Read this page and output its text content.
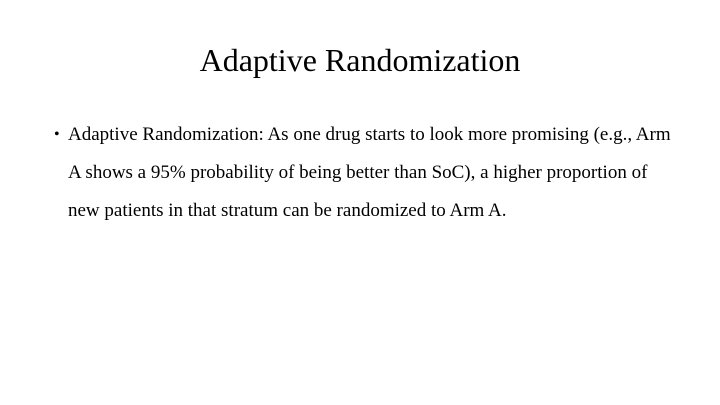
Adaptive Randomization
• Adaptive Randomization: As one drug starts to look more promising (e.g., Arm A shows a 95% probability of being better than SoC), a higher proportion of new patients in that stratum can be randomized to Arm A.
